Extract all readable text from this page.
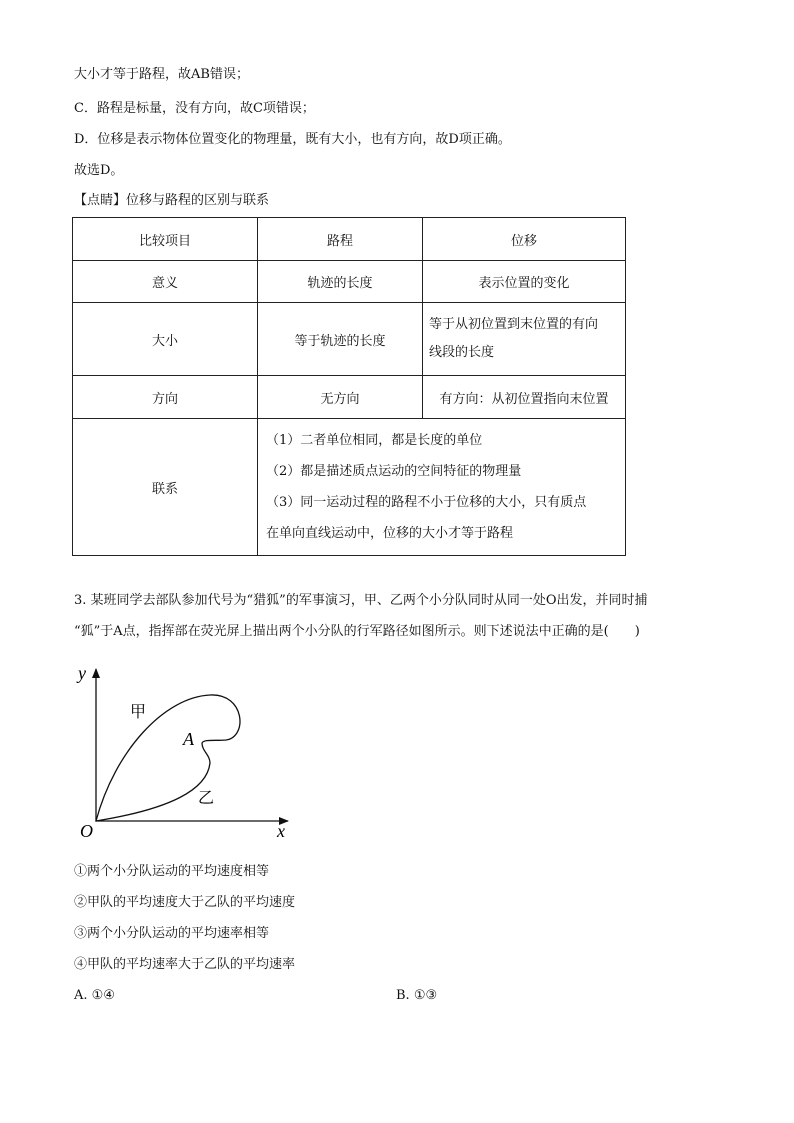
大小才等于路程，故AB错误；
C．路程是标量，没有方向，故C项错误；
D．位移是表示物体位置变化的物理量，既有大小，也有方向，故D项正确。
故选D。
【点睛】位移与路程的区别与联系
比较项目	路程	位移
意义	轨迹的长度	表示位置的变化
大小	等于轨迹的长度	等于从初位置到末位置的有向
线段的长度

方向	无方向	有方向：从初位置指向末位置
联系	（1）二者单位相同，都是长度的单位
（2）都是描述质点运动的空间特征的物理量
（3）同一运动过程的路程不小于位移的大小，只有质点
在单向直线运动中，位移的大小才等于路程	
3. 某班同学去部队参加代号为“猎狐”的军事演习，甲、乙两个小分队同时从同一处O出发，并同时捕
“狐”于A点，指挥部在荧光屏上描出两个小分队的行军路径如图所示。则下述说法中正确的是(　　)
y
x
O
A
甲
乙
①两个小分队运动的平均速度相等
②甲队的平均速度大于乙队的平均速度
③两个小分队运动的平均速率相等
④甲队的平均速率大于乙队的平均速率
A. ①④	B. ①③
